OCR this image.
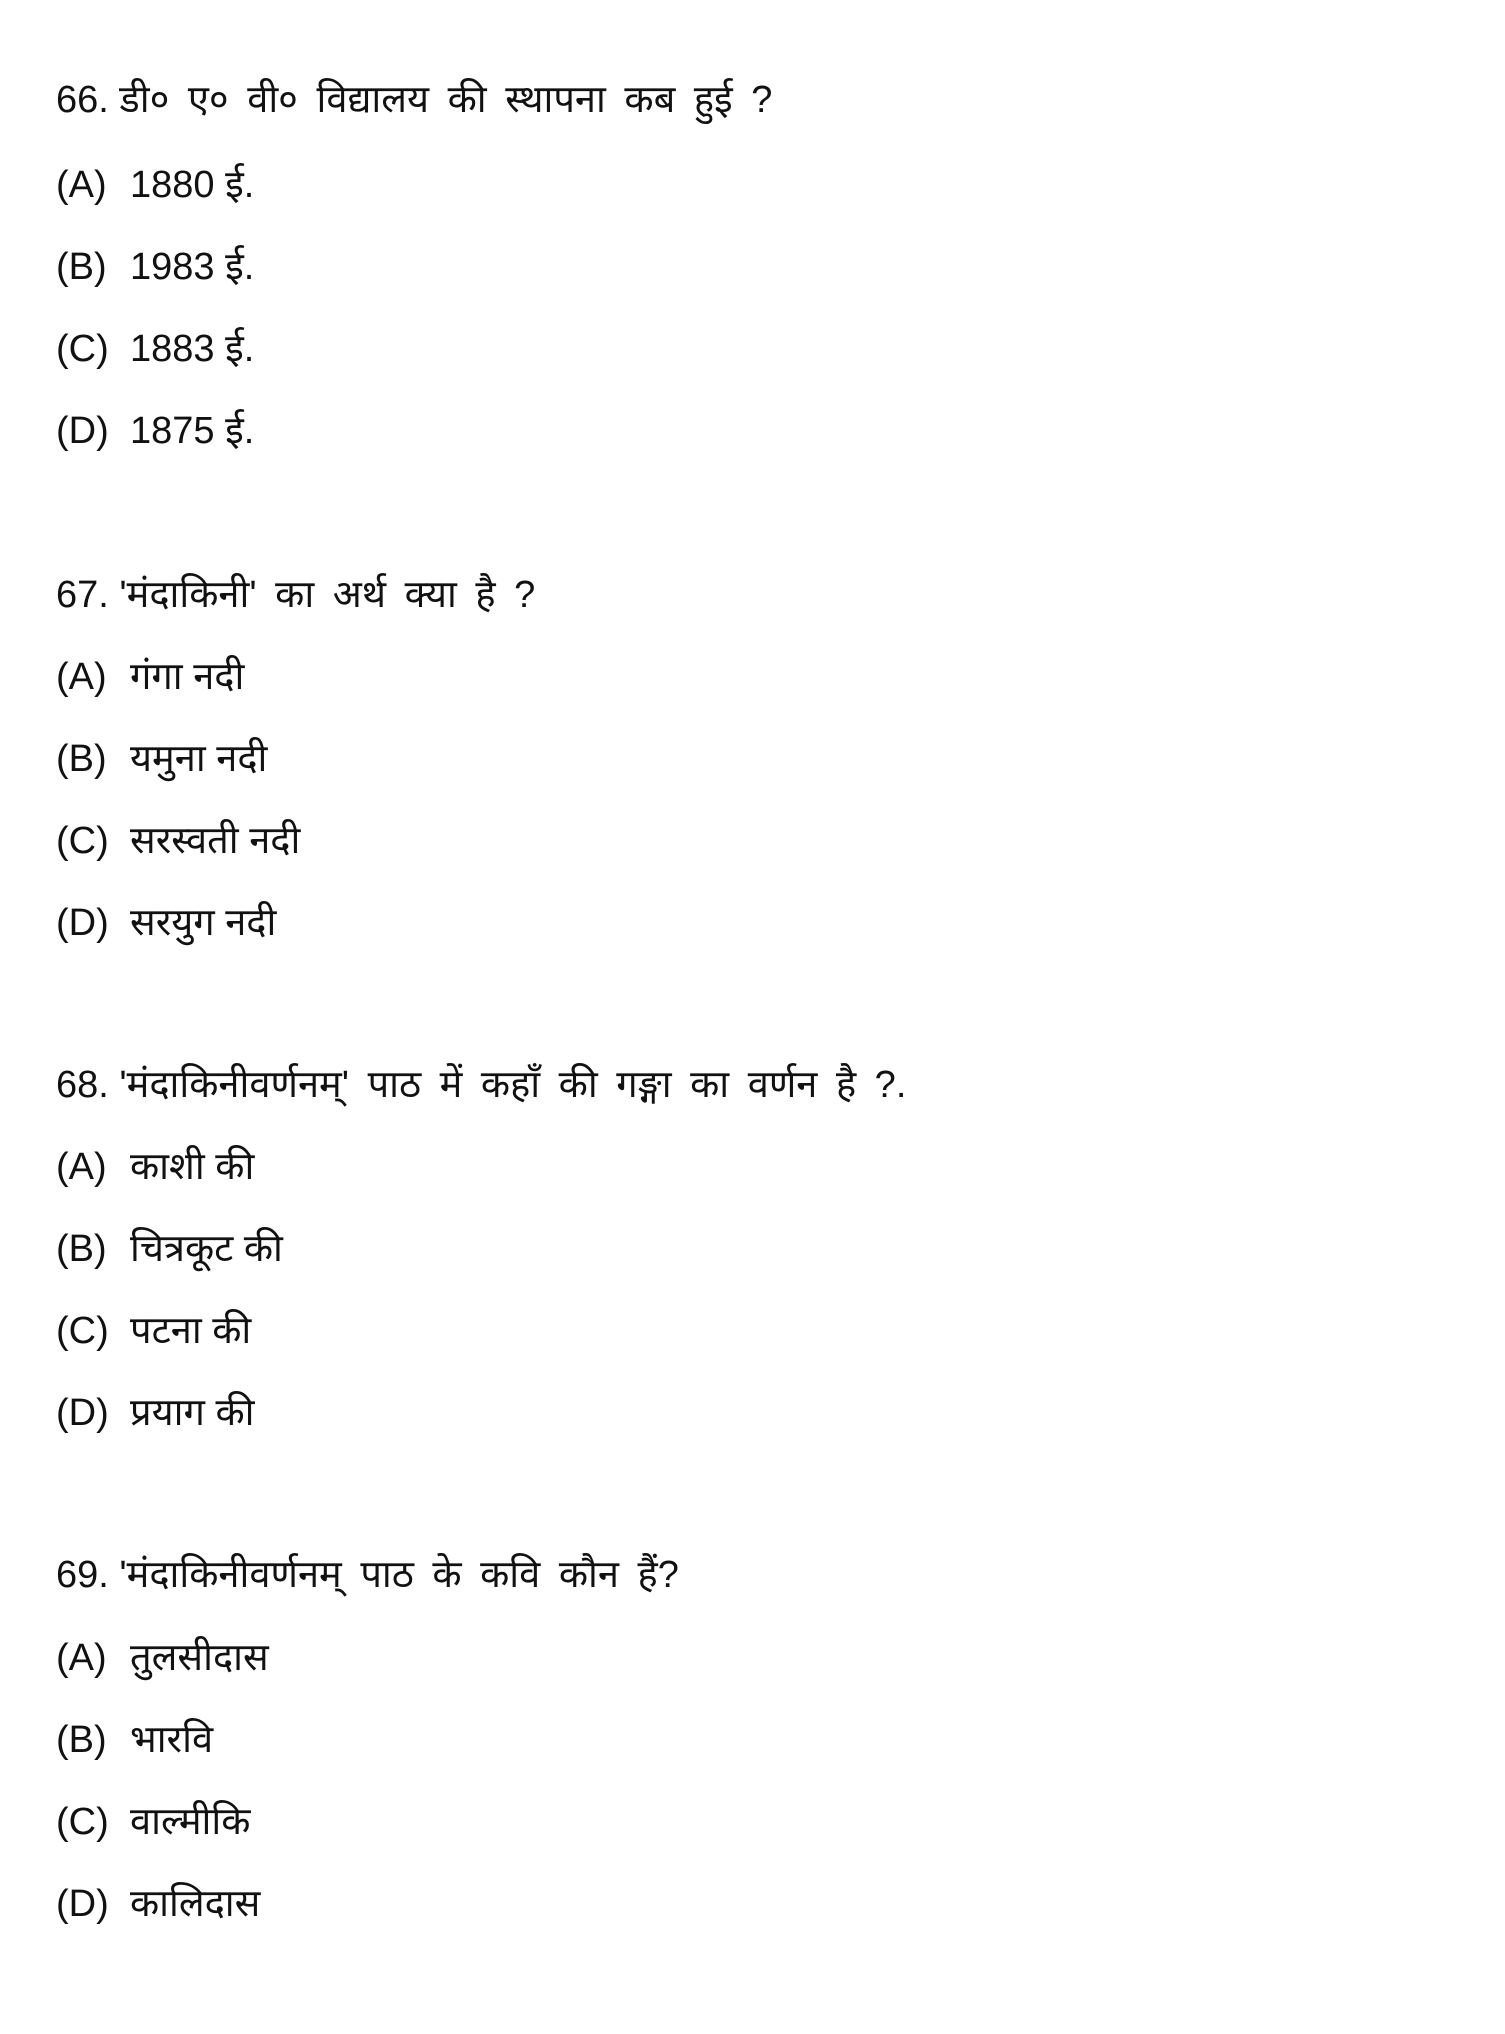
66. डी० ए० वी० विद्यालय की स्थापना कब हुई ?
(A) 1880 ई.
(B) 1983 ई.
(C) 1883 ई.
(D) 1875 ई.
67. 'मंदाकिनी' का अर्थ क्या है ?
(A) गंगा नदी
(B) यमुना नदी
(C) सरस्वती नदी
(D) सरयुग नदी
68. 'मंदाकिनीवर्णनम्' पाठ में कहाँ की गङ्गा का वर्णन है ?.
(A) काशी की
(B) चित्रकूट की
(C) पटना की
(D) प्रयाग की
69. 'मंदाकिनीवर्णनम् पाठ के कवि कौन हैं?
(A) तुलसीदास
(B) भारवि
(C) वाल्मीकि
(D) कालिदास
